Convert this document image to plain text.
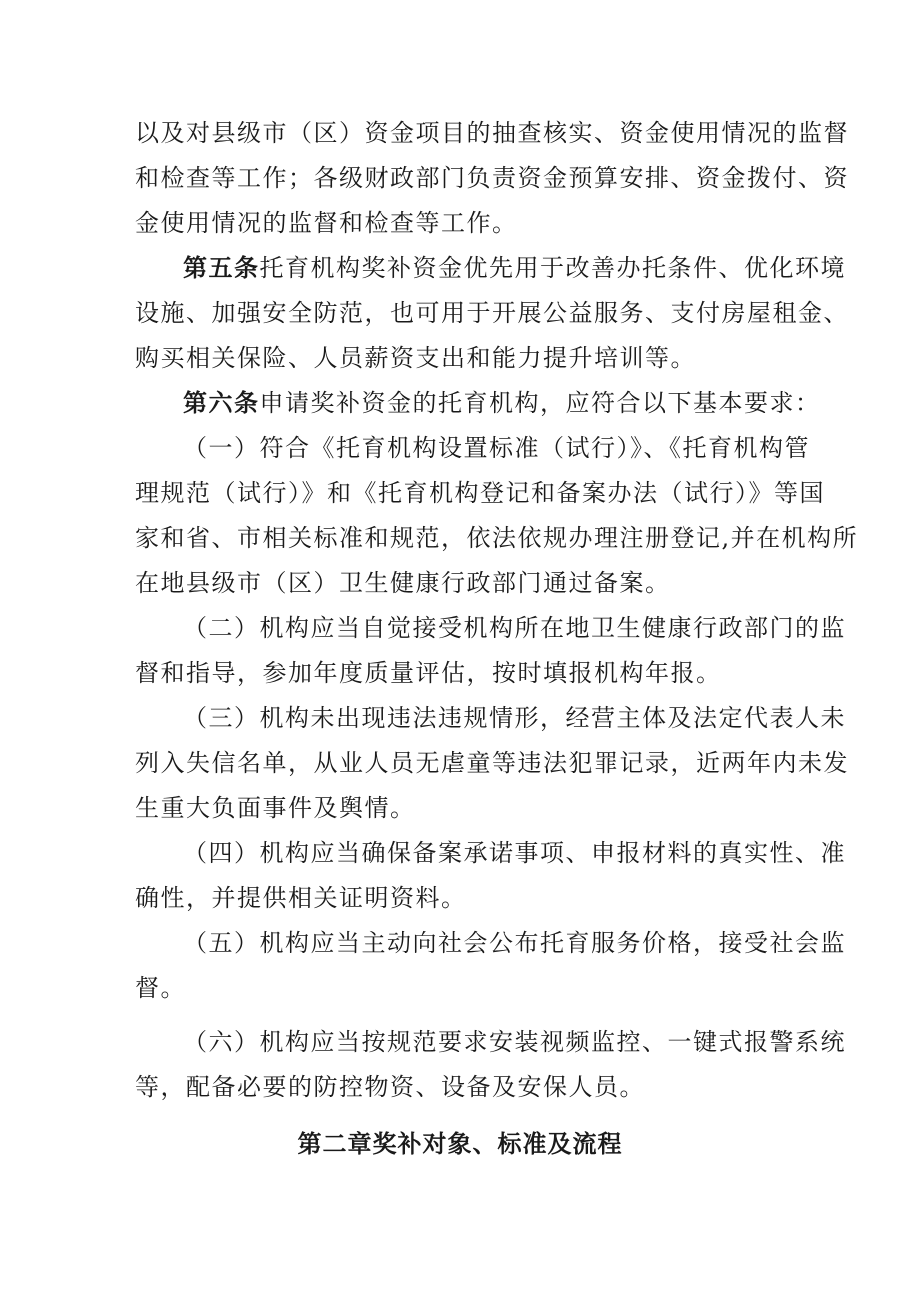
以及对县级市（区）资金项目的抽查核实、资金使用情况的监督
和检查等工作；各级财政部门负责资金预算安排、资金拨付、资
金使用情况的监督和检查等工作。
第五条托育机构奖补资金优先用于改善办托条件、优化环境
设施、加强安全防范，也可用于开展公益服务、支付房屋租金、
购买相关保险、人员薪资支出和能力提升培训等。
第六条申请奖补资金的托育机构，应符合以下基本要求：
（一）符合《托育机构设置标准（试行）》、《托育机构管
理规范（试行）》和《托育机构登记和备案办法（试行）》等国
家和省、市相关标准和规范，依法依规办理注册登记,并在机构所
在地县级市（区）卫生健康行政部门通过备案。
（二）机构应当自觉接受机构所在地卫生健康行政部门的监
督和指导，参加年度质量评估，按时填报机构年报。
（三）机构未出现违法违规情形，经营主体及法定代表人未
列入失信名单，从业人员无虐童等违法犯罪记录，近两年内未发
生重大负面事件及舆情。
（四）机构应当确保备案承诺事项、申报材料的真实性、准
确性，并提供相关证明资料。
（五）机构应当主动向社会公布托育服务价格，接受社会监
督。
（六）机构应当按规范要求安装视频监控、一键式报警系统
等，配备必要的防控物资、设备及安保人员。
第二章奖补对象、标准及流程
